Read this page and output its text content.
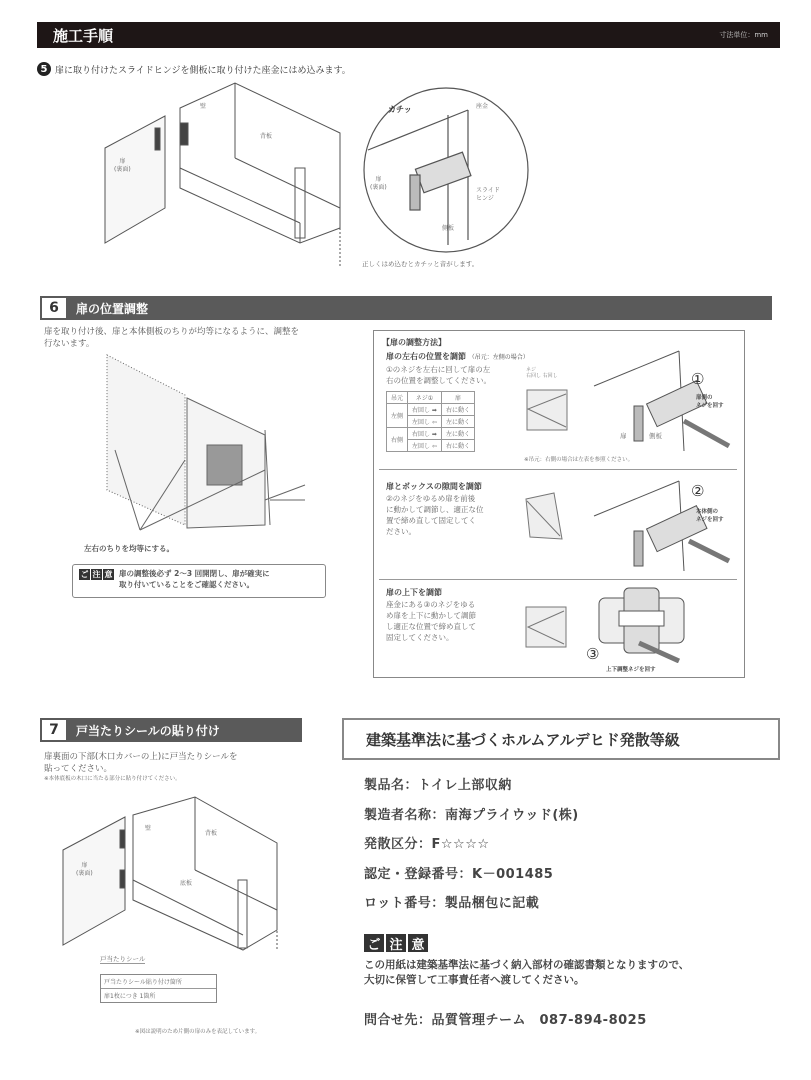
施工手順	寸法単位：mm
5 扉に取り付けたスライドヒンジを側板に取り付けた座金にはめ込みます。
背板
壁
扉
(裏面)
カチッ	座金
スライド
ヒンジ
側板
扉
(裏面)
正しくはめ込むとカチッと音がします。
6	扉の位置調整
扉を取り付け後、扉と本体側板のちりが均等になるように、調整を
行ないます。
左右のちりを均等にする。
ご 注 意 扉の調整後必ず 2～3 回開閉し、扉が確実に
取り付いていることをご確認ください。
【扉の調整方法】
扉の左右の位置を調節 （吊元：左側の場合）
①のネジを左右に回して扉の左
右の位置を調整してください。
吊元	ネジ①	扉
左側	右回し ➡	右に動く
左回し ⇦	左に動く
右側	右回し ➡	左に動く
左回し ⇦	右に動く
ネジ
右回し 右回し
※吊元：右側の場合は左表を参照ください。
①
扉側の
ネジを回す
扉	側板
扉とボックスの隙間を調節
②のネジをゆるめ扉を前後
に動かして調節し、適正な位
置で締め直して固定してく
ださい。
②
本体側の
ネジを回す
扉の上下を調節
座金にある③のネジをゆる
め扉を上下に動かして調節
し適正な位置で締め直して
固定してください。
③
上下調整ネジを回す
7	戸当たりシールの貼り付け
扉裏面の下部(木口カバーの上)に戸当たりシールを
貼ってください。
※本体底板の木口に当たる部分に貼り付けてください。
壁
背板
底板
扉
(裏面)
戸当たりシール
戸当たりシール貼り付け箇所
扉1枚につき 1箇所
※図は説明のため片側の扉のみを表記しています。
建築基準法に基づくホルムアルデヒド発散等級
製品名：トイレ上部収納
製造者名称：南海プライウッド(株)
発散区分：F☆☆☆☆
認定・登録番号：K－001485
ロット番号：製品梱包に記載
ご 注 意
この用紙は建築基準法に基づく納入部材の確認書類となりますので、
大切に保管して工事責任者へ渡してください。
問合せ先：品質管理チーム　087-894-8025
